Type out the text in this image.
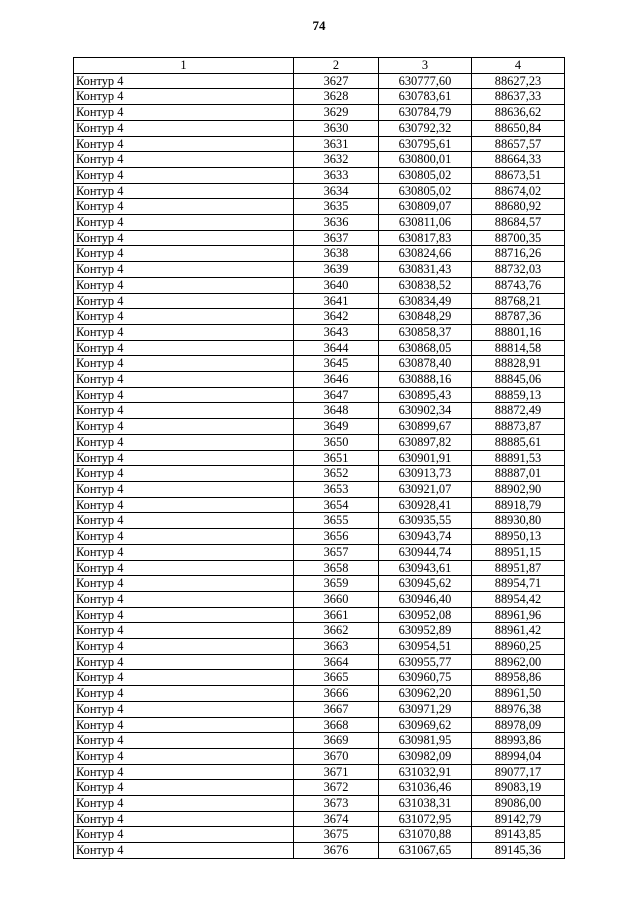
74
1	2	3	4
Контур 4	3627	630777,60	88627,23
Контур 4	3628	630783,61	88637,33
Контур 4	3629	630784,79	88636,62
Контур 4	3630	630792,32	88650,84
Контур 4	3631	630795,61	88657,57
Контур 4	3632	630800,01	88664,33
Контур 4	3633	630805,02	88673,51
Контур 4	3634	630805,02	88674,02
Контур 4	3635	630809,07	88680,92
Контур 4	3636	630811,06	88684,57
Контур 4	3637	630817,83	88700,35
Контур 4	3638	630824,66	88716,26
Контур 4	3639	630831,43	88732,03
Контур 4	3640	630838,52	88743,76
Контур 4	3641	630834,49	88768,21
Контур 4	3642	630848,29	88787,36
Контур 4	3643	630858,37	88801,16
Контур 4	3644	630868,05	88814,58
Контур 4	3645	630878,40	88828,91
Контур 4	3646	630888,16	88845,06
Контур 4	3647	630895,43	88859,13
Контур 4	3648	630902,34	88872,49
Контур 4	3649	630899,67	88873,87
Контур 4	3650	630897,82	88885,61
Контур 4	3651	630901,91	88891,53
Контур 4	3652	630913,73	88887,01
Контур 4	3653	630921,07	88902,90
Контур 4	3654	630928,41	88918,79
Контур 4	3655	630935,55	88930,80
Контур 4	3656	630943,74	88950,13
Контур 4	3657	630944,74	88951,15
Контур 4	3658	630943,61	88951,87
Контур 4	3659	630945,62	88954,71
Контур 4	3660	630946,40	88954,42
Контур 4	3661	630952,08	88961,96
Контур 4	3662	630952,89	88961,42
Контур 4	3663	630954,51	88960,25
Контур 4	3664	630955,77	88962,00
Контур 4	3665	630960,75	88958,86
Контур 4	3666	630962,20	88961,50
Контур 4	3667	630971,29	88976,38
Контур 4	3668	630969,62	88978,09
Контур 4	3669	630981,95	88993,86
Контур 4	3670	630982,09	88994,04
Контур 4	3671	631032,91	89077,17
Контур 4	3672	631036,46	89083,19
Контур 4	3673	631038,31	89086,00
Контур 4	3674	631072,95	89142,79
Контур 4	3675	631070,88	89143,85
Контур 4	3676	631067,65	89145,36
